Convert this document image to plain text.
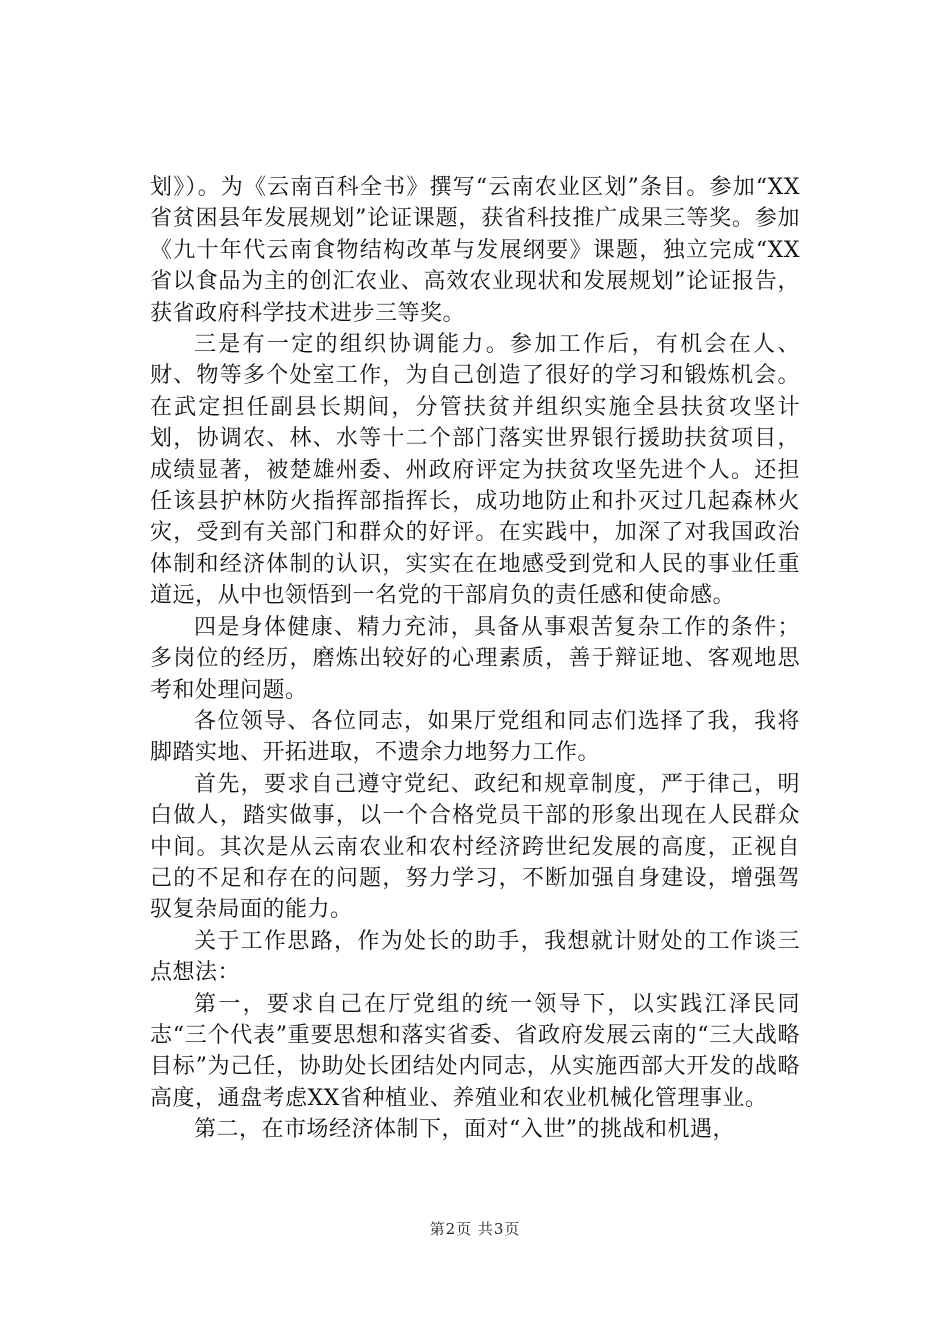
划》）。为《云南百科全书》撰写“云南农业区划”条目。参加“XX省贫困县年发展规划”论证课题，获省科技推广成果三等奖。参加《九十年代云南食物结构改革与发展纲要》课题，独立完成“XX省以食品为主的创汇农业、高效农业现状和发展规划”论证报告，获省政府科学技术进步三等奖。

三是有一定的组织协调能力。参加工作后，有机会在人、财、物等多个处室工作，为自己创造了很好的学习和锻炼机会。在武定担任副县长期间，分管扶贫并组织实施全县扶贫攻坚计划，协调农、林、水等十二个部门落实世界银行援助扶贫项目，成绩显著，被楚雄州委、州政府评定为扶贫攻坚先进个人。还担任该县护林防火指挥部指挥长，成功地防止和扑灭过几起森林火灾，受到有关部门和群众的好评。在实践中，加深了对我国政治体制和经济体制的认识，实实在在地感受到党和人民的事业任重道远，从中也领悟到一名党的干部肩负的责任感和使命感。

四是身体健康、精力充沛，具备从事艰苦复杂工作的条件；多岗位的经历，磨炼出较好的心理素质，善于辩证地、客观地思考和处理问题。

各位领导、各位同志，如果厅党组和同志们选择了我，我将脚踏实地、开拓进取，不遗余力地努力工作。

首先，要求自己遵守党纪、政纪和规章制度，严于律己，明白做人，踏实做事，以一个合格党员干部的形象出现在人民群众中间。其次是从云南农业和农村经济跨世纪发展的高度，正视自己的不足和存在的问题，努力学习，不断加强自身建设，增强驾驭复杂局面的能力。

关于工作思路，作为处长的助手，我想就计财处的工作谈三点想法：

第一，要求自己在厅党组的统一领导下，以实践江泽民同志“三个代表”重要思想和落实省委、省政府发展云南的“三大战略目标”为己任，协助处长团结处内同志，从实施西部大开发的战略高度，通盘考虑XX省种植业、养殖业和农业机械化管理事业。

第二，在市场经济体制下，面对“入世”的挑战和机遇，

第2页 共3页
